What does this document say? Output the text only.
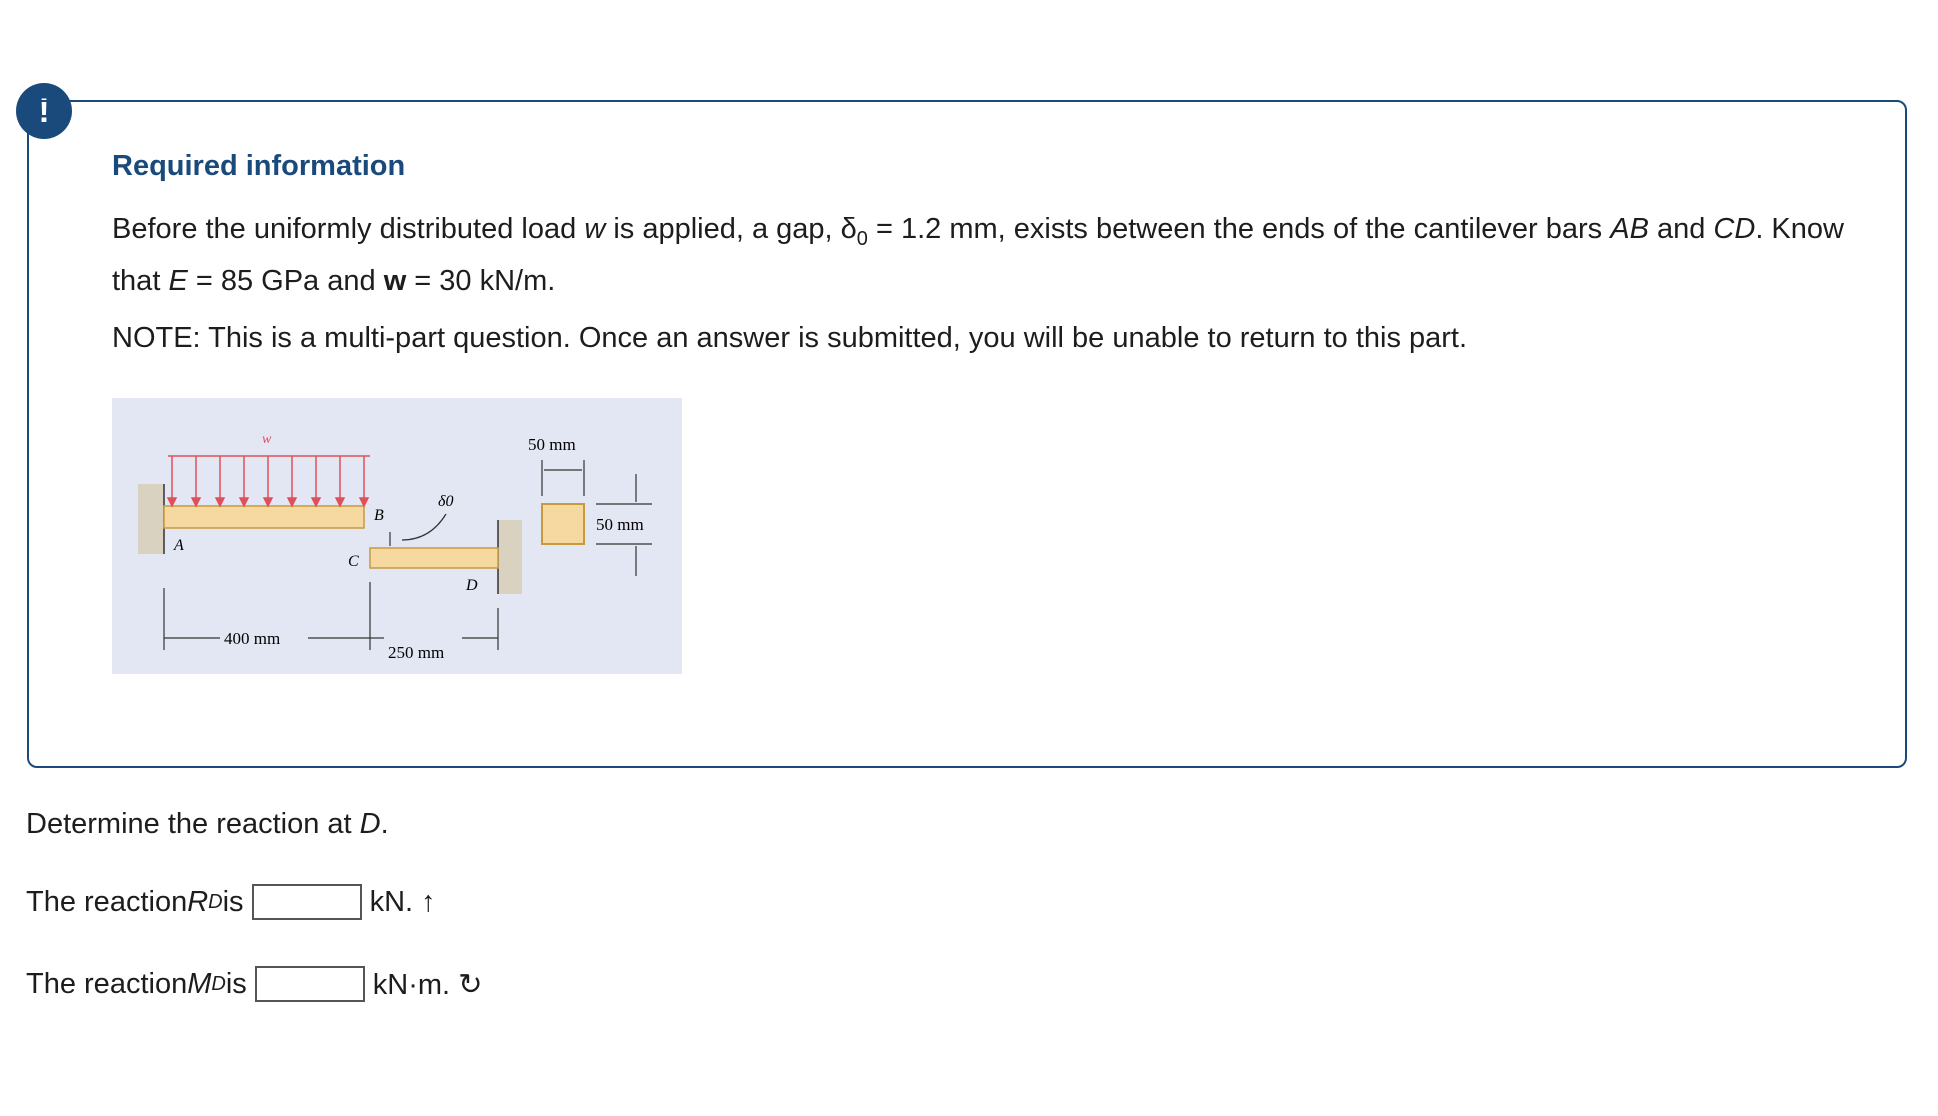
!
Required information
Before the uniformly distributed load w is applied, a gap, $\delta_0 = 1.2$ mm, exists between the ends of the cantilever bars AB and CD. Know that E = 85 GPa and w = 30 kN/m.
NOTE: This is a multi-part question. Once an answer is submitted, you will be unable to return to this part.
w
A
B
C
D
δ0
400 mm
250 mm
50 mm
50 mm
Determine the reaction at D.
The reaction R D is	kN. ↑
The reaction M D is	kN·m. ↻
